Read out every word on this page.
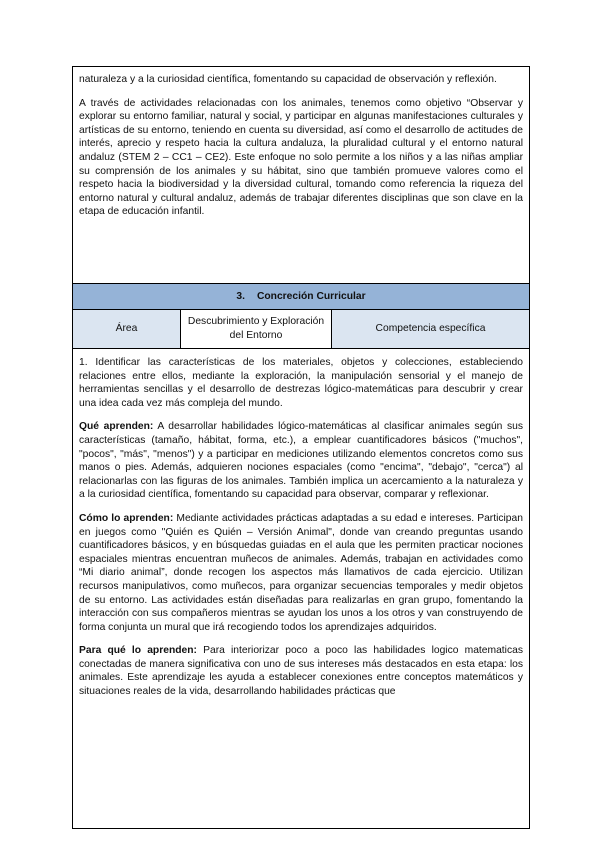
naturaleza y a la curiosidad científica, fomentando su capacidad de observación y reflexión.

A través de actividades relacionadas con los animales, tenemos como objetivo “Observar y explorar su entorno familiar, natural y social, y participar en algunas manifestaciones culturales y artísticas de su entorno, teniendo en cuenta su diversidad, así como el desarrollo de actitudes de interés, aprecio y respeto hacia la cultura andaluza, la pluralidad cultural y el entorno natural andaluz (STEM 2 – CC1 – CE2). Este enfoque no solo permite a los niños y a las niñas ampliar su comprensión de los animales y su hábitat, sino que también promueve valores como el respeto hacia la biodiversidad y la diversidad cultural, tomando como referencia la riqueza del entorno natural y cultural andaluz, además de trabajar diferentes disciplinas que son clave en la etapa de educación infantil.

3. Concreción Curricular
Área
Descubrimiento y Exploración del Entorno
Competencia específica

1. Identificar las características de los materiales, objetos y colecciones, estableciendo relaciones entre ellos, mediante la exploración, la manipulación sensorial y el manejo de herramientas sencillas y el desarrollo de destrezas lógico-matemáticas para descubrir y crear una idea cada vez más compleja del mundo.

Qué aprenden: A desarrollar habilidades lógico-matemáticas al clasificar animales según sus características (tamaño, hábitat, forma, etc.), a emplear cuantificadores básicos ("muchos", "pocos", "más", "menos") y a participar en mediciones utilizando elementos concretos como sus manos o pies. Además, adquieren nociones espaciales (como "encima", "debajo", "cerca") al relacionarlas con las figuras de los animales. También implica un acercamiento a la naturaleza y a la curiosidad científica, fomentando su capacidad para observar, comparar y reflexionar.

Cómo lo aprenden: Mediante actividades prácticas adaptadas a su edad e intereses. Participan en juegos como "Quién es Quién – Versión Animal", donde van creando preguntas usando cuantificadores básicos, y en búsquedas guiadas en el aula que les permiten practicar nociones espaciales mientras encuentran muñecos de animales. Además, trabajan en actividades como “Mi diario animal”, donde recogen los aspectos más llamativos de cada ejercicio. Utilizan recursos manipulativos, como muñecos, para organizar secuencias temporales y medir objetos de su entorno. Las actividades están diseñadas para realizarlas en gran grupo, fomentando la interacción con sus compañeros mientras se ayudan los unos a los otros y van construyendo de forma conjunta un mural que irá recogiendo todos los aprendizajes adquiridos.

Para qué lo aprenden: Para interiorizar poco a poco las habilidades logico matematicas conectadas de manera significativa con uno de sus intereses más destacados en esta etapa: los animales. Este aprendizaje les ayuda a establecer conexiones entre conceptos matemáticos y situaciones reales de la vida, desarrollando habilidades prácticas que
